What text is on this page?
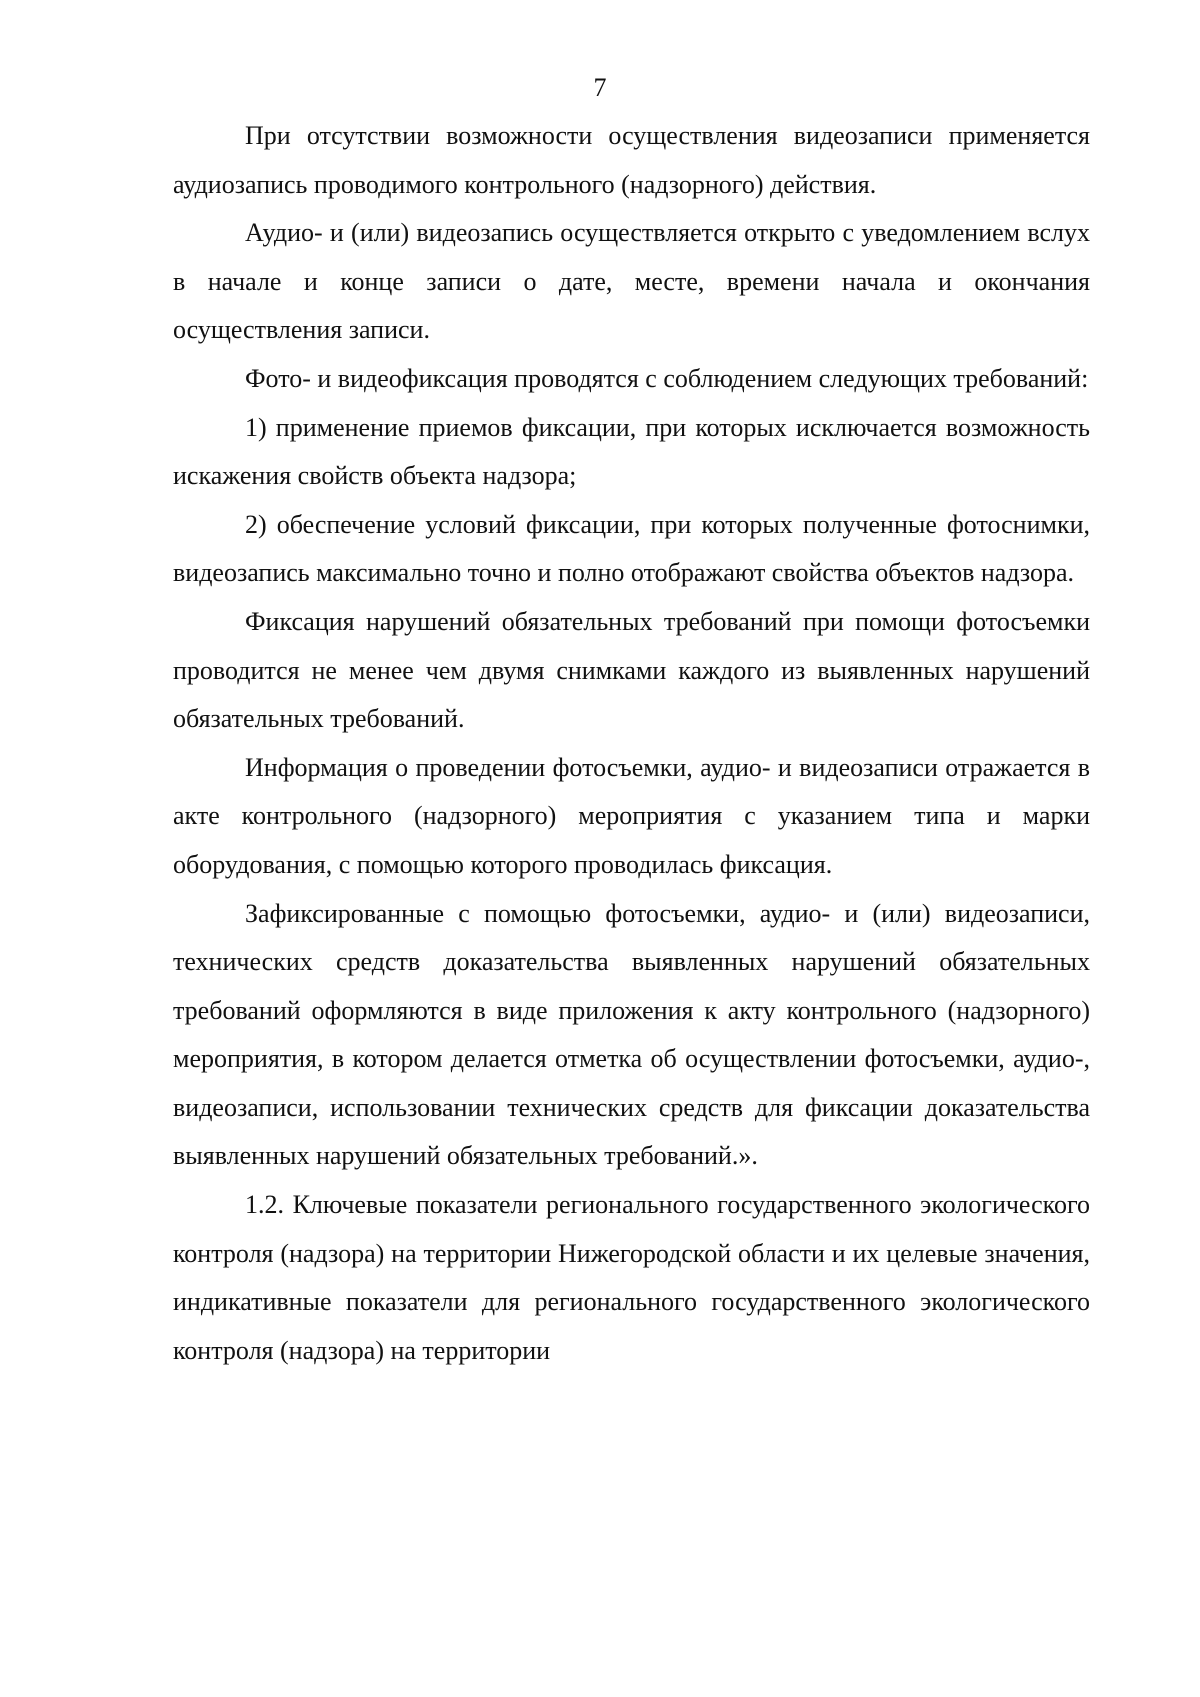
7

При отсутствии возможности осуществления видеозаписи применяется аудиозапись проводимого контрольного (надзорного) действия.

Аудио- и (или) видеозапись осуществляется открыто с уведомлением вслух в начале и конце записи о дате, месте, времени начала и окончания осуществления записи.

Фото- и видеофиксация проводятся с соблюдением следующих требований:

1) применение приемов фиксации, при которых исключается возможность искажения свойств объекта надзора;

2) обеспечение условий фиксации, при которых полученные фотоснимки, видеозапись максимально точно и полно отображают свойства объектов надзора.

Фиксация нарушений обязательных требований при помощи фотосъемки проводится не менее чем двумя снимками каждого из выявленных нарушений обязательных требований.

Информация о проведении фотосъемки, аудио- и видеозаписи отражается в акте контрольного (надзорного) мероприятия с указанием типа и марки оборудования, с помощью которого проводилась фиксация.

Зафиксированные с помощью фотосъемки, аудио- и (или) видеозаписи, технических средств доказательства выявленных нарушений обязательных требований оформляются в виде приложения к акту контрольного (надзорного) мероприятия, в котором делается отметка об осуществлении фотосъемки, аудио-, видеозаписи, использовании технических средств для фиксации доказательства выявленных нарушений обязательных требований.».

1.2. Ключевые показатели регионального государственного экологического контроля (надзора) на территории Нижегородской области и их целевые значения, индикативные показатели для регионального государственного экологического контроля (надзора) на территории
